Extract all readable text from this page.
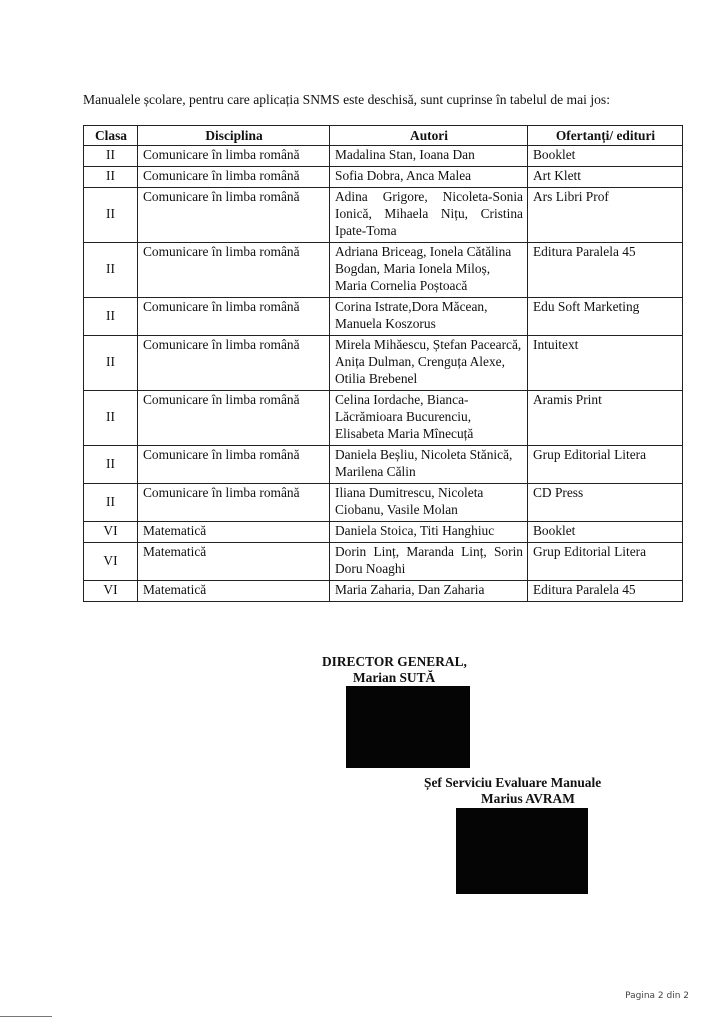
Manualele școlare, pentru care aplicația SNMS este deschisă, sunt cuprinse în tabelul de mai jos:
Clasa	Disciplina	Autori	Ofertanți/ edituri
II	Comunicare în limba română	Madalina Stan, Ioana Dan	Booklet
II	Comunicare în limba română	Sofia Dobra, Anca Malea	Art Klett
II	Comunicare în limba română	Adina Grigore, Nicoleta-Sonia Ionică, Mihaela Nițu, Cristina Ipate-Toma	Ars Libri Prof
II	Comunicare în limba română	Adriana Briceag, Ionela Cătălina Bogdan, Maria Ionela Miloș, Maria Cornelia Poștoacă	Editura Paralela 45
II	Comunicare în limba română	Corina Istrate,Dora Măcean, Manuela Koszorus	Edu Soft Marketing
II	Comunicare în limba română	Mirela Mihăescu, Ștefan Pacearcă, Anița Dulman, Crenguța Alexe, Otilia Brebenel	Intuitext
II	Comunicare în limba română	Celina Iordache, Bianca-Lăcrămioara Bucurenciu, Elisabeta Maria Mînecuță	Aramis Print
II	Comunicare în limba română	Daniela Beșliu, Nicoleta Stănică, Marilena Călin	Grup Editorial Litera
II	Comunicare în limba română	Iliana Dumitrescu, Nicoleta Ciobanu, Vasile Molan	CD Press
VI	Matematică	Daniela Stoica, Titi Hanghiuc	Booklet
VI	Matematică	Dorin Linț, Maranda Linț, Sorin Doru Noaghi	Grup Editorial Litera
VI	Matematică	Maria Zaharia, Dan Zaharia	Editura Paralela 45
DIRECTOR GENERAL,
Marian SUTĂ
Șef Serviciu Evaluare Manuale
Marius AVRAM
Pagina 2 din 2
